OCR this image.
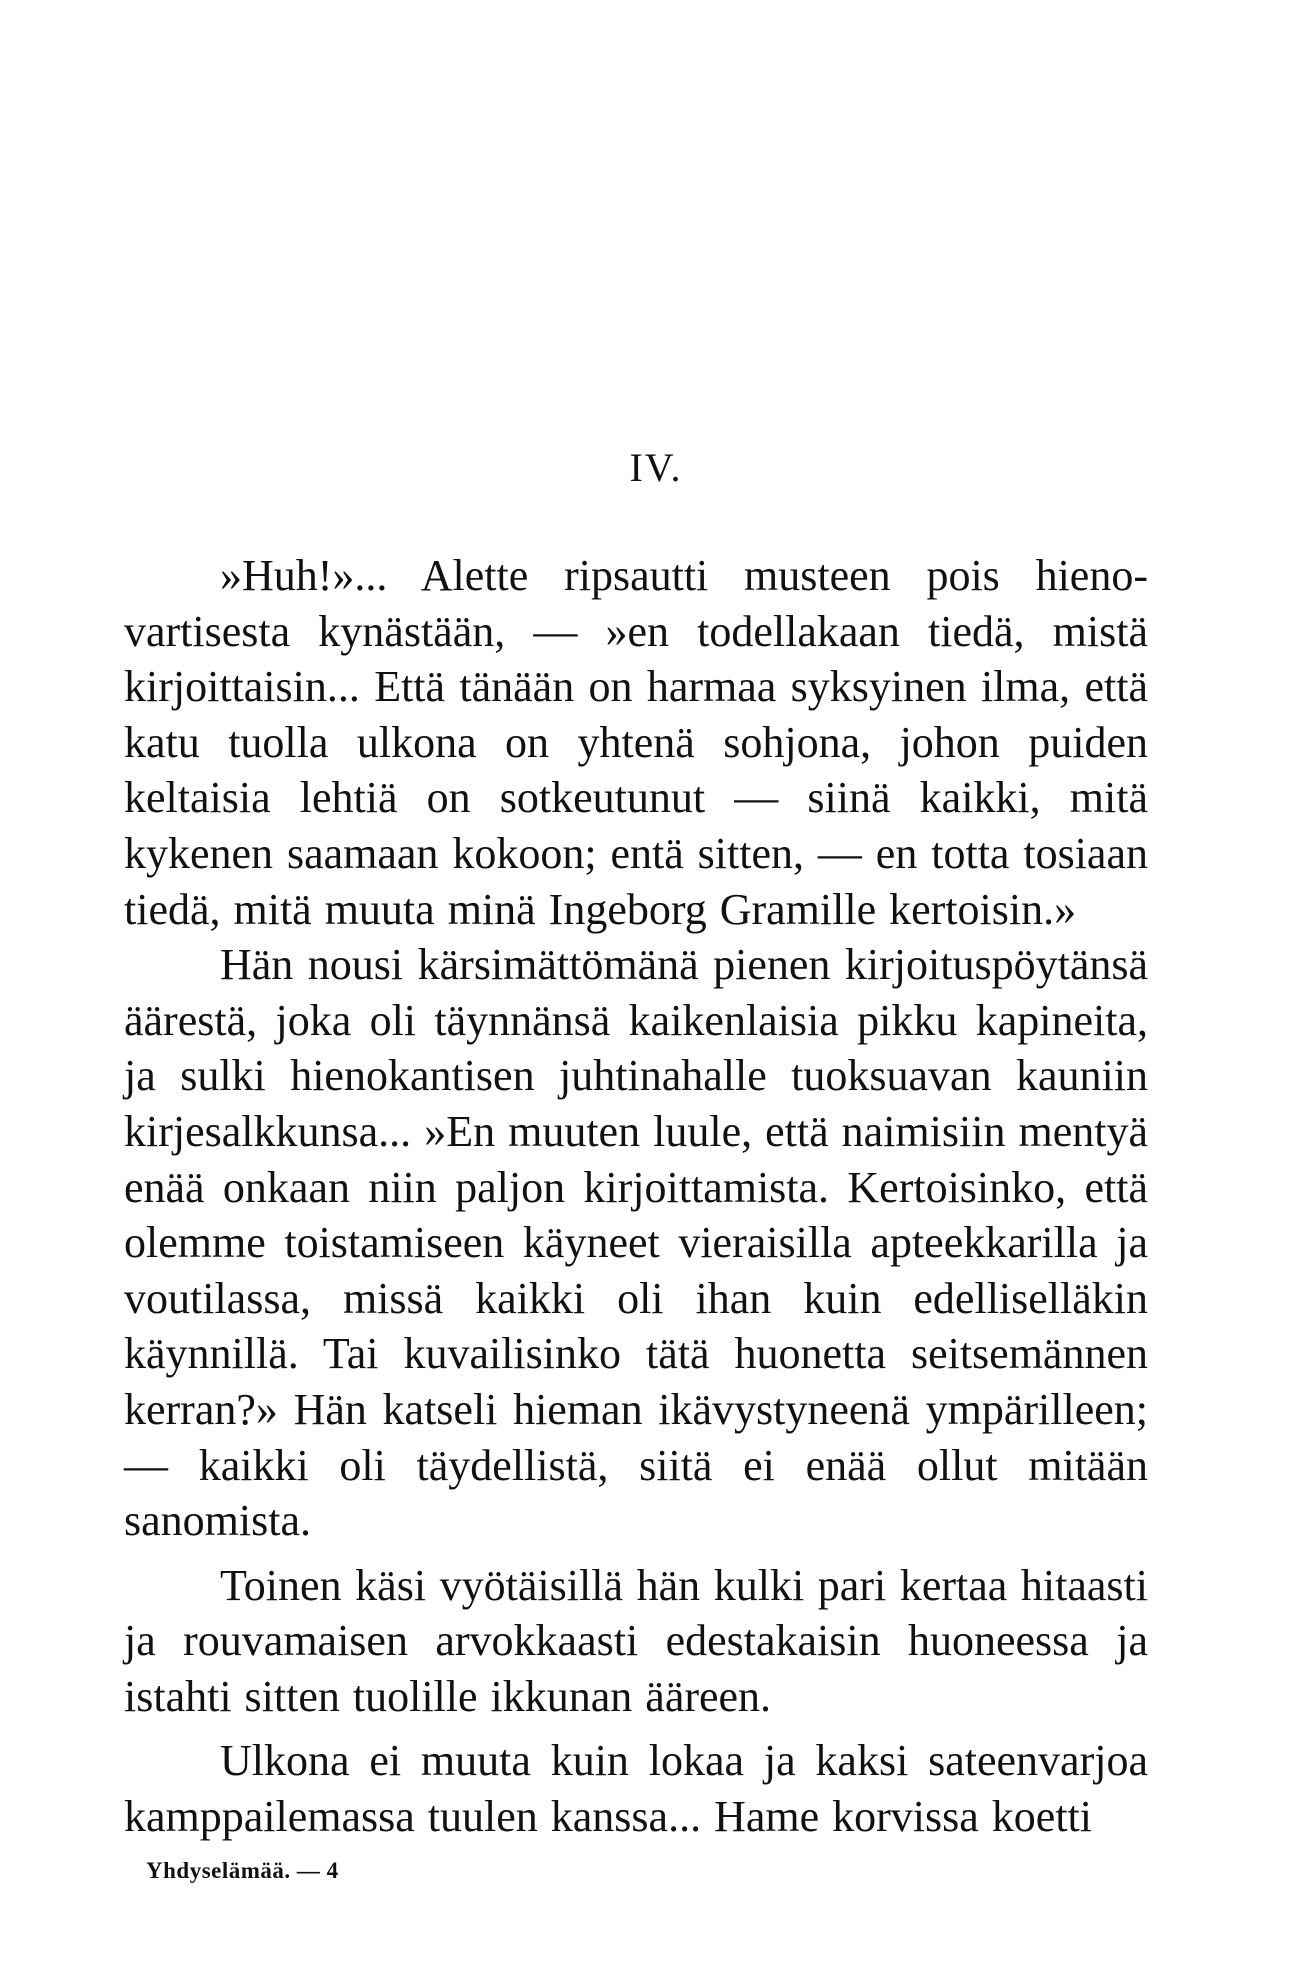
IV.

»Huh!»... Alette ripsautti musteen pois hienovartisesta kynästään, — »en todellakaan tiedä, mistä kirjoittaisin... Että tänään on harmaa syksyinen ilma, että katu tuolla ulkona on yhtenä sohjona, johon puiden keltaisia lehtiä on sotkeutunut — siinä kaikki, mitä kykenen saamaan kokoon; entä sitten, — en totta tosiaan tiedä, mitä muuta minä Ingeborg Gramille kertoisin.»

Hän nousi kärsimättömänä pienen kirjoituspöytänsä äärestä, joka oli täynnänsä kaikenlaisia pikku kapineita, ja sulki hienokantisen juhtinahalle tuoksuavan kauniin kirjesalkkunsa... »En muuten luule, että naimisiin mentyä enää onkaan niin paljon kirjoittamista. Kertoisinko, että olemme toistamiseen käyneet vieraisilla apteekkarilla ja voutilassa, missä kaikki oli ihan kuin edelliselläkin käynnillä. Tai kuvailisinko tätä huonetta seitsemännen kerran?» Hän katseli hieman ikävystyneenä ympärilleen; — kaikki oli täydellistä, siitä ei enää ollut mitään sanomista.

Toinen käsi vyötäisillä hän kulki pari kertaa hitaasti ja rouvamaisen arvokkaasti edestakaisin huoneessa ja istahti sitten tuolille ikkunan ääreen.

Ulkona ei muuta kuin lokaa ja kaksi sateenvarjoa kamppailemassa tuulen kanssa... Hame korvissa koetti

Yhdyselämää. — 4
